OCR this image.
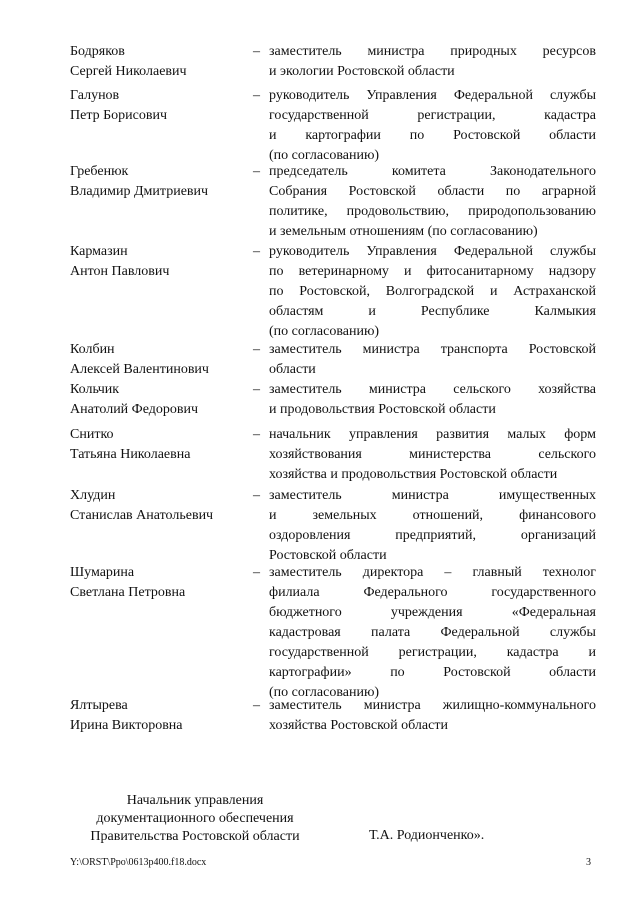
Бодряков
Сергей Николаевич
– заместитель министра природных ресурсов
и экологии Ростовской области
Галунов
Петр Борисович
– руководитель Управления Федеральной службы
государственной	регистрации,	кадастра
и картографии по Ростовской области
(по согласованию)
Гребенюк
Владимир Дмитриевич
– председатель	комитета	Законодательного
Собрания Ростовской области по аграрной
политике, продовольствию, природопользованию
и земельным отношениям (по согласованию)
Кармазин
Антон Павлович
– руководитель Управления Федеральной службы
по ветеринарному и фитосанитарному надзору
по Ростовской, Волгоградской и Астраханской
областям	и	Республике	Калмыкия
(по согласованию)
Колбин
Алексей Валентинович
– заместитель министра транспорта Ростовской
области
Кольчик
Анатолий Федорович
– заместитель министра сельского хозяйства
и продовольствия Ростовской области
Снитко
Татьяна Николаевна
– начальник управления развития малых форм
хозяйствования	министерства	сельского
хозяйства и продовольствия Ростовской области
Хлудин
Станислав Анатольевич
– заместитель	министра	имущественных
и	земельных	отношений,	финансового
оздоровления	предприятий,	организаций
Ростовской области
Шумарина
Светлана Петровна
– заместитель директора – главный технолог
филиала	Федерального	государственного
бюджетного	учреждения	«Федеральная
кадастровая палата Федеральной службы
государственной регистрации, кадастра и
картографии»	по	Ростовской	области
(по согласованию)
Ялтырева
Ирина Викторовна
– заместитель министра жилищно-коммунального
хозяйства Ростовской области
Начальник управления
документационного обеспечения
Правительства Ростовской области	Т.А. Родионченко».
Y:\ORST\Ppo\0613p400.f18.docx	3
